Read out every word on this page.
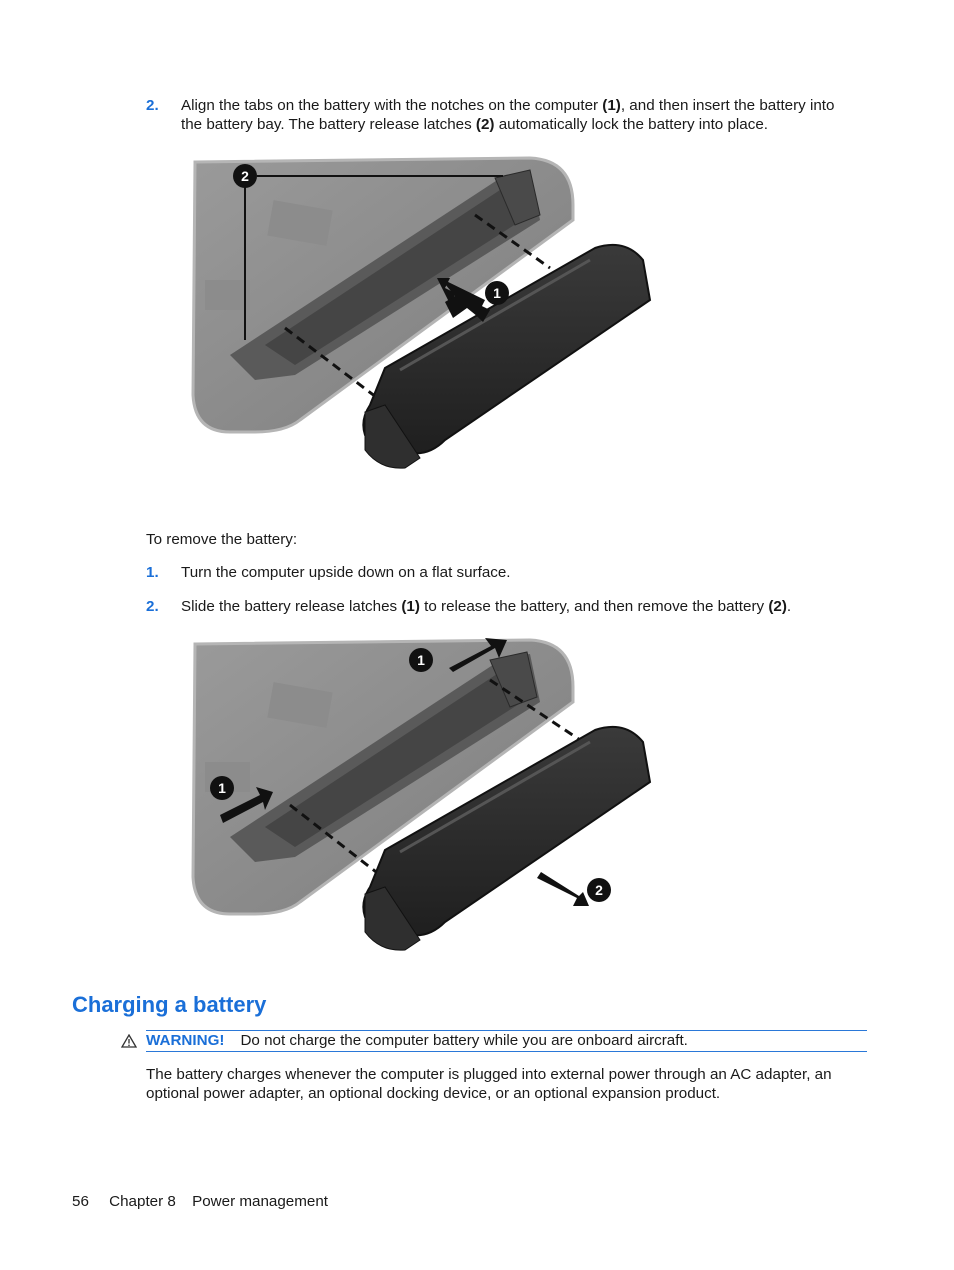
2. Align the tabs on the battery with the notches on the computer (1), and then insert the battery into
the battery bay. The battery release latches (2) automatically lock the battery into place.
2
1
To remove the battery:
1. Turn the computer upside down on a flat surface.
2. Slide the battery release latches (1) to release the battery, and then remove the battery (2).
1
1
2
Charging a battery
WARNING! Do not charge the computer battery while you are onboard aircraft.
The battery charges whenever the computer is plugged into external power through an AC adapter, an
optional power adapter, an optional docking device, or an optional expansion product.
56 Chapter 8 Power management
